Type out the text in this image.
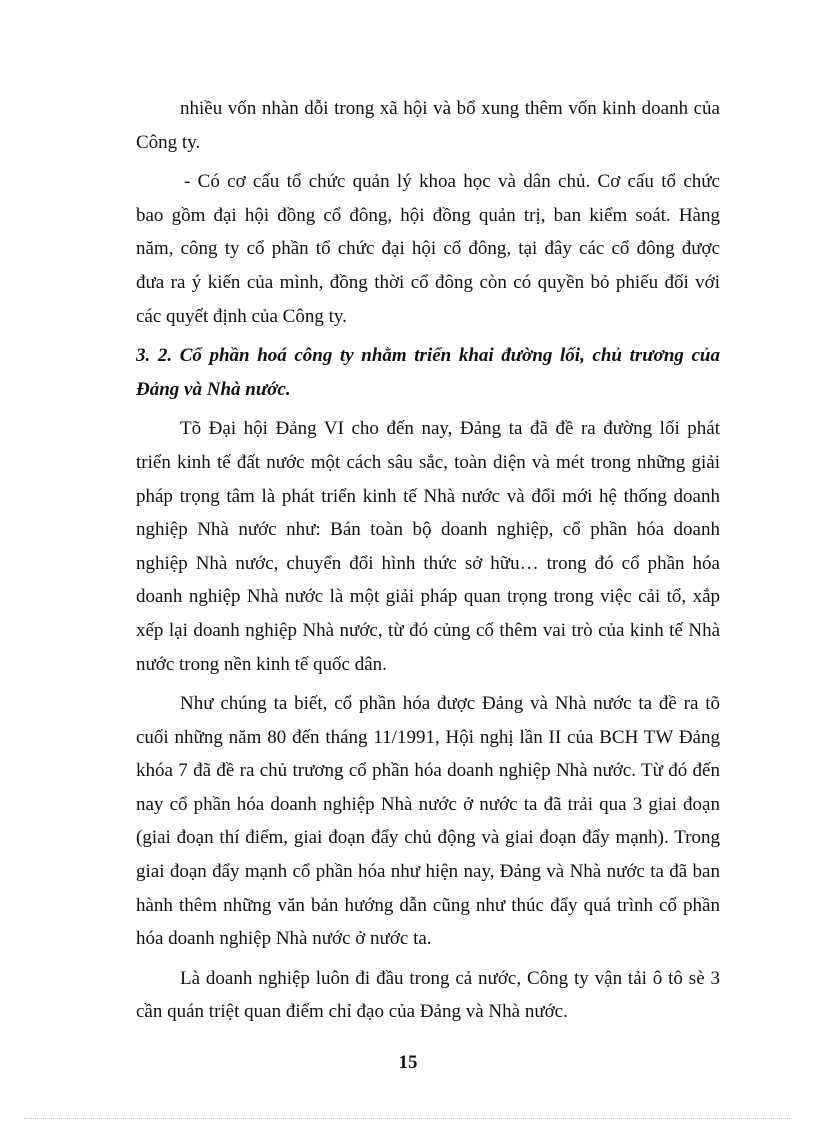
nhiều vốn nhàn dỗi trong xã hội và bổ xung thêm vốn kinh doanh của
Công ty.
- Có cơ cấu tổ chức quản lý khoa học và dân chủ. Cơ cấu tổ chức
bao gồm đại hội đồng cổ đông, hội đồng quản trị, ban kiểm soát. Hàng
năm, công ty cổ phần tổ chức đại hội cổ đông, tại đây các cổ đông được
đưa ra ý kiến của mình, đồng thời cổ đông còn có quyền bỏ phiếu đối với
các quyết định của Công ty.
3. 2. Cổ phần hoá công ty nhằm triển khai đường lối, chủ trương của
Đảng và Nhà nước.
Tõ Đại hội Đảng VI cho đến nay, Đảng ta đã đề ra đường lối phát
triển kinh tế đất nước một cách sâu sắc, toàn diện và mét trong những giải
pháp trọng tâm là phát triển kinh tế Nhà nước và đổi mới hệ thống doanh
nghiệp Nhà nước như: Bán toàn bộ doanh nghiệp, cổ phần hóa doanh
nghiệp Nhà nước, chuyển đổi hình thức sở hữu… trong đó cổ phần hóa
doanh nghiệp Nhà nước là một giải pháp quan trọng trong việc cải tổ, xắp
xếp lại doanh nghiệp Nhà nước, từ đó củng cố thêm vai trò của kinh tế Nhà
nước trong nền kinh tế quốc dân.
Như chúng ta biết, cổ phần hóa được Đảng và Nhà nước ta đề ra tõ
cuối những năm 80 đến tháng 11/1991, Hội nghị lần II của BCH TW Đảng
khóa 7 đã đề ra chủ trương cổ phần hóa doanh nghiệp Nhà nước. Từ đó đến
nay cổ phần hóa doanh nghiệp Nhà nước ở nước ta đã trải qua 3 giai đoạn
(giai đoạn thí điểm, giai đoạn đẩy chủ động và giai đoạn đẩy mạnh). Trong
giai đoạn đẩy mạnh cổ phần hóa như hiện nay, Đảng và Nhà nước ta đã ban
hành thêm những văn bản hướng dẫn cũng như thúc đẩy quá trình cổ phần
hóa doanh nghiệp Nhà nước ở nước ta.
Là doanh nghiệp luôn đi đầu trong cả nước, Công ty vận tải ô tô sè 3
cần quán triệt quan điểm chỉ đạo của Đảng và Nhà nước.
15
